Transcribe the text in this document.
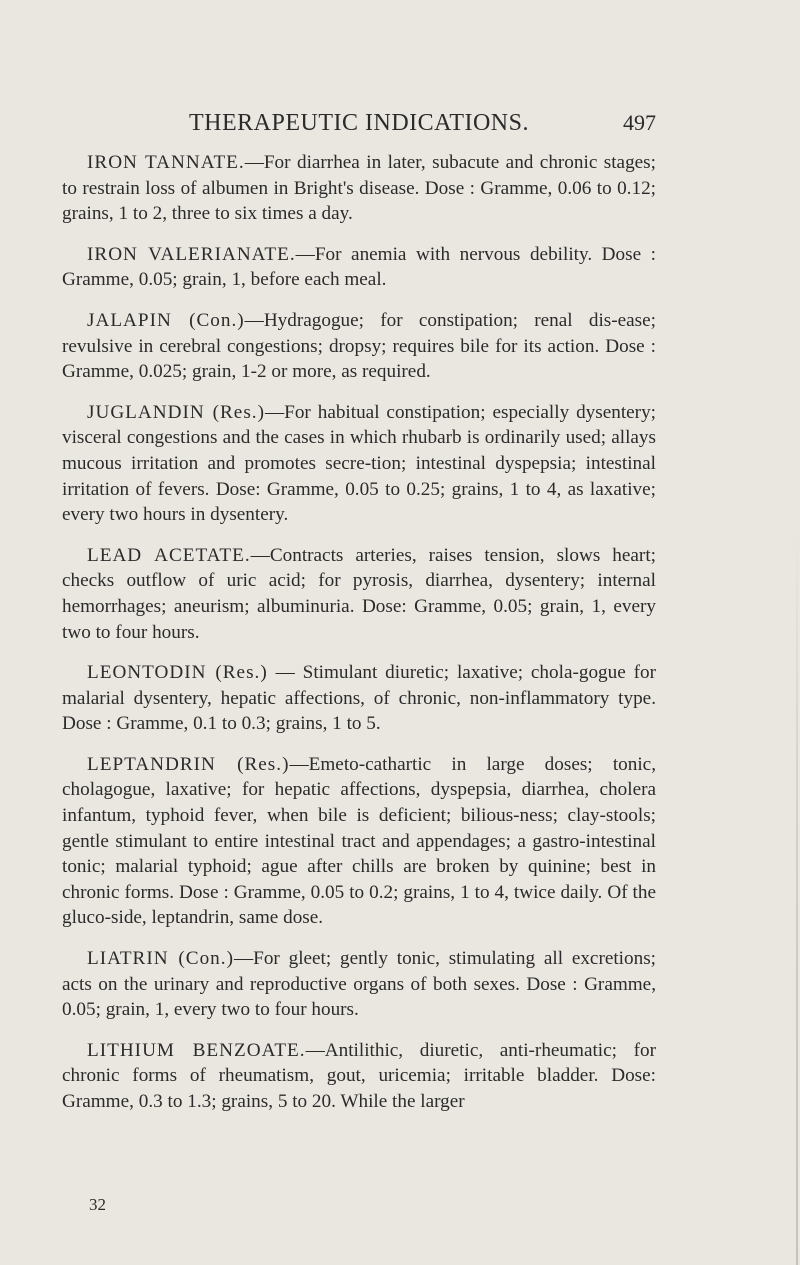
THERAPEUTIC INDICATIONS.	497

IRON TANNATE.—For diarrhea in later, subacute and chronic stages; to restrain loss of albumen in Bright's disease. Dose : Gramme, 0.06 to 0.12; grains, 1 to 2, three to six times a day.

IRON VALERIANATE.—For anemia with nervous debility. Dose : Gramme, 0.05; grain, 1, before each meal.

JALAPIN (Con.)—Hydragogue; for constipation; renal dis-ease; revulsive in cerebral congestions; dropsy; requires bile for its action. Dose : Gramme, 0.025; grain, 1-2 or more, as required.

JUGLANDIN (Res.)—For habitual constipation; especially dysentery; visceral congestions and the cases in which rhubarb is ordinarily used; allays mucous irritation and promotes secre-tion; intestinal dyspepsia; intestinal irritation of fevers. Dose: Gramme, 0.05 to 0.25; grains, 1 to 4, as laxative; every two hours in dysentery.

LEAD ACETATE.—Contracts arteries, raises tension, slows heart; checks outflow of uric acid; for pyrosis, diarrhea, dysentery; internal hemorrhages; aneurism; albuminuria. Dose: Gramme, 0.05; grain, 1, every two to four hours.

LEONTODIN (Res.) — Stimulant diuretic; laxative; chola-gogue for malarial dysentery, hepatic affections, of chronic, non-inflammatory type. Dose : Gramme, 0.1 to 0.3; grains, 1 to 5.

LEPTANDRIN (Res.)—Emeto-cathartic in large doses; tonic, cholagogue, laxative; for hepatic affections, dyspepsia, diarrhea, cholera infantum, typhoid fever, when bile is deficient; bilious-ness; clay-stools; gentle stimulant to entire intestinal tract and appendages; a gastro-intestinal tonic; malarial typhoid; ague after chills are broken by quinine; best in chronic forms. Dose : Gramme, 0.05 to 0.2; grains, 1 to 4, twice daily. Of the gluco-side, leptandrin, same dose.

LIATRIN (Con.)—For gleet; gently tonic, stimulating all excretions; acts on the urinary and reproductive organs of both sexes. Dose : Gramme, 0.05; grain, 1, every two to four hours.

LITHIUM BENZOATE.—Antilithic, diuretic, anti-rheumatic; for chronic forms of rheumatism, gout, uricemia; irritable bladder. Dose: Gramme, 0.3 to 1.3; grains, 5 to 20. While the larger

32
